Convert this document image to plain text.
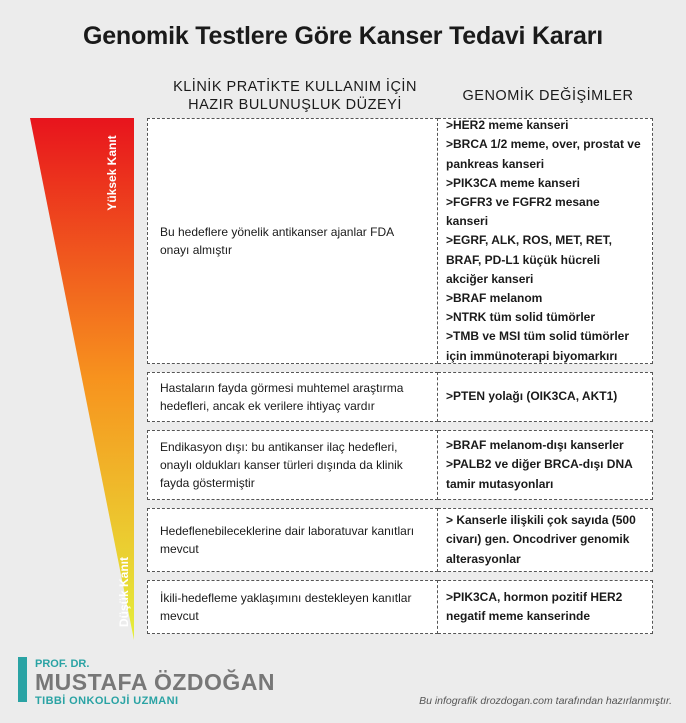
Genomik Testlere Göre Kanser Tedavi Kararı
KLİNİK PRATİKTE KULLANIM İÇİN
HAZIR BULUNUŞLUK DÜZEYİ
GENOMİK DEĞİŞİMLER
Yüksek Kanıt
Düşük Kanıt
Bu hedeflere yönelik antikanser ajanlar FDA onayı almıştır
>HER2 meme kanseri
>BRCA 1/2 meme, over, prostat ve pankreas kanseri
>PIK3CA meme kanseri
>FGFR3 ve FGFR2 mesane kanseri
>EGRF, ALK, ROS, MET, RET, BRAF, PD-L1 küçük hücreli akciğer kanseri
>BRAF melanom
>NTRK tüm solid tümörler
>TMB ve MSI tüm solid tümörler için immünoterapi biyomarkırı
Hastaların fayda görmesi muhtemel araştırma hedefleri, ancak ek verilere ihtiyaç vardır
>PTEN yolağı (OIK3CA, AKT1)
Endikasyon dışı: bu antikanser ilaç hedefleri, onaylı oldukları kanser türleri dışında da klinik fayda göstermiştir
>BRAF melanom-dışı kanserler
>PALB2 ve diğer BRCA-dışı DNA tamir mutasyonları
Hedeflenebileceklerine dair laboratuvar kanıtları mevcut
> Kanserle ilişkili çok sayıda (500 civarı) gen. Oncodriver genomik alterasyonlar
İkili-hedefleme yaklaşımını destekleyen kanıtlar mevcut
>PIK3CA, hormon pozitif HER2 negatif meme kanserinde
PROF. DR.
MUSTAFA ÖZDOĞAN
TIBBİ ONKOLOJİ UZMANI	Bu infografik drozdogan.com tarafından hazırlanmıştır.
